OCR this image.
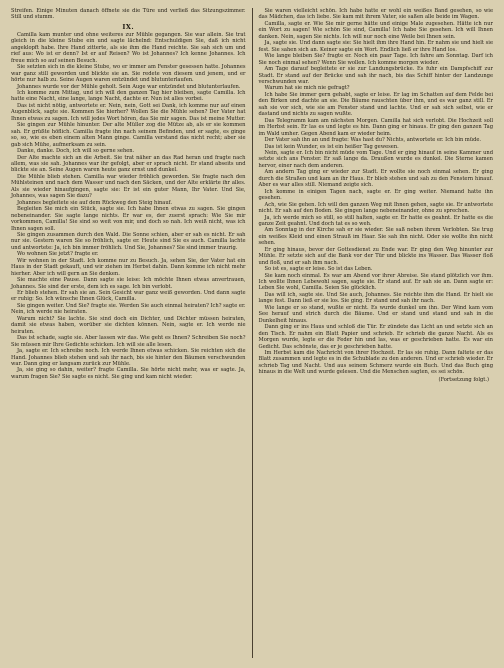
Streifen. Einige Minuten danach öffnete sie die Türe und verließ das Sitzungszimmer. Still und stumm.

IX.

Camilla kam munter und ohne weiteres zur Mühle gegangen. Sie war allein. Sie trat gleich in die kleine Stube ein und sagte lächelnd: Entschuldigen Sie, daß ich nicht angeklopft habe. Ihre Hand zitterte, als sie ihm die Hand reichte. Sie sah sich um und rief aus: Wo ist er denn? Ist er auf Reisen? Wo ist Johannes? Ich kenne Johannes. Ich freue mich so auf seinen Besuch.

Sie setzten sich in die kleine Stube, wo er immer am Fenster gesessen hatte. Johannes war ganz still geworden und blickte sie an. Sie redete von diesem und jenem, und er hörte nur halb zu. Seine Augen waren entzündet und blutunterlaufen.

Johannes wurde vor der Mühle geholt. Sein Auge war entzündet und blutunterlaufen.

Ich komme zum Mittag, und ich will den ganzen Tag hier bleiben, sagte Camilla. Ich hatte eine Nacht, eine lange, lange Nacht, dachte er. Nun ist alles vorbei.

Das ist nicht nötig, antwortete er. Nein, nein, Gott sei Dank, ich komme nur auf einen Augenblick, sagte sie. Kommen Sie hierher? Wollen Sie die Mühle sehen? Der Vater hat Ihnen etwas zu sagen. Ich will jedes Wort hören, das Sie mir sagen. Das ist meine Mutter.

Sie gingen zur Mühle hinunter. Der alte Müller zog die Mütze ab, als er sie kommen sah. Er grüßte höflich. Camilla fragte ihn nach seinem Befinden, und er sagte, es ginge so, so, wie es eben einem alten Mann ginge. Camilla verstand das nicht recht; aber sie gab sich Mühe, aufmerksam zu sein.

Danke, danke. Doch, ich will so gerne sehen.

Der Alte machte sich an die Arbeit. Sie trat näher an das Rad heran und fragte nach allem, was sie sah. Johannes war ihr gefolgt, aber er sprach nicht. Er stand abseits und blickte sie an. Seine Augen waren heute ganz ernst und dunkel.

Die Mühle blieb stehen. Camilla war wieder fröhlich geworden. Sie fragte nach den Mühlsteinen und nach dem Wasser und nach den Säcken, und der Alte erklärte ihr alles. Als sie wieder hinaufgingen, sagte sie: Er ist ein guter Mann, Ihr Vater. Und Sie, Johannes, was sagen Sie dazu?

Johannes begleitete sie auf dem Rückweg den Steig hinauf.

Begleiten Sie mich ein Stück, sagte sie. Ich habe Ihnen etwas zu sagen. Sie gingen nebeneinander. Sie sagte lange nichts. Er war es, der zuerst sprach: Wie Sie mir vorkommen, Camilla! Sie sind so weit von mir, und doch so nah. Ich weiß nicht, was ich Ihnen sagen soll.

Sie gingen zusammen durch den Wald. Die Sonne schien, aber er sah es nicht. Er sah nur sie. Gestern waren Sie so fröhlich, sagte er. Heute sind Sie es auch. Camilla lachte und antwortete: Ja, ich bin immer fröhlich. Und Sie, Johannes? Sie sind immer traurig.

Wo wohnen Sie jetzt? fragte er.

Wir wohnen in der Stadt. Ich komme nur zu Besuch. Ja, sehen Sie, der Vater hat ein Haus in der Stadt gekauft, und wir ziehen im Herbst dahin. Dann komme ich nicht mehr hierher. Aber ich will gern an Sie denken.

Sie machte eine Pause. Dann sagte sie leise: Ich möchte Ihnen etwas anvertrauen, Johannes. Sie sind der erste, dem ich es sage. Ich bin verlobt.

Er blieb stehen. Er sah sie an. Sein Gesicht war ganz weiß geworden. Und dann sagte er ruhig: So. Ich wünsche Ihnen Glück, Camilla.

Sie gingen weiter. Und Sie? fragte sie. Werden Sie auch einmal heiraten? Ich? sagte er. Nein, ich werde nie heiraten.

Warum nicht? Sie lachte. Sie sind doch ein Dichter, und Dichter müssen heiraten, damit sie etwas haben, worüber sie dichten können. Nein, sagte er. Ich werde nie heiraten.

Das ist schade, sagte sie. Aber lassen wir das. Wie geht es Ihnen? Schreiben Sie noch? Sie müssen mir Ihre Gedichte schicken. Ich will sie alle lesen.

Ja, sagte er. Ich schreibe noch. Ich werde Ihnen etwas schicken. Sie reichten sich die Hand. Johannes blieb stehen und sah ihr nach, bis sie hinter den Bäumen verschwunden war. Dann ging er langsam zurück zur Mühle.

Ja, sie ging so dahin, weiter? fragte Camilla. Sie hörte nicht mehr, was er sagte. Ja, warum fragen Sie? Sie sagte es nicht. Sie ging und kam nicht wieder.

Sie waren vielleicht schön. Ich habe hatte er wohl ein weißes Band gesehen, so wie das Mädchen, das ich liebe. Sie kam mit ihrem Vater, sie saßen alle beide im Wagen.

Camilla, sagte er. Wie Sie mir gerne hätte und einige Male zugesehen. Hätte ich nur ein Wort zu sagen! Wie schön Sie sind, Camilla! Ich habe Sie gesehen. Ich will Ihnen danken. Nein, sagen Sie nichts. Ich will nur noch eine Weile bei Ihnen sein.

Ja, sagte sie. Und dann sagte sie: Sie hielt ihm ihre Hand hin. Er nahm sie und hielt sie fest. Sie sahen sich an. Keiner sagte ein Wort. Endlich ließ er ihre Hand los.

Wie lange bleiben Sie? fragte er. Noch ein paar Tage. Ich fahre am Sonntag. Darf ich Sie noch einmal sehen? Wenn Sie wollen. Ich komme morgen wieder.

Am Tage darauf begleitete er sie zur Landungsbrücke. Es fuhr ein Dampfschiff zur Stadt. Er stand auf der Brücke und sah ihr nach, bis das Schiff hinter der Landzunge verschwunden war.

Warum hat sie mich nie gefragt?

Ich habe Sie immer gern gehabt, sagte er leise. Er lag im Schatten auf dem Felde bei den Birken und dachte an sie. Die Bäume rauschten über ihm, und es war ganz still. Er sah sie vor sich, wie sie am Fenster stand und lachte. Und er sah sich selbst, wie er dastand und nichts zu sagen wußte.

Das Telegramm kam am nächsten Morgen. Camilla hat sich verlobt. Die Hochzeit soll im Herbst sein. Er las es und legte es hin. Dann ging er hinaus. Er ging den ganzen Tag im Wald umher. Gegen Abend kam er wieder heim.

Der Vater sah ihn an und fragte: Was hast du? Nichts, antwortete er. Ich bin müde.

Das ist kein Wunder, es ist ein heißer Tag gewesen.

Nein, sagte er. Ich bin nicht müde vom Tage. Und er ging hinauf in seine Kammer und setzte sich ans Fenster. Er saß lange da. Draußen wurde es dunkel. Die Sterne kamen hervor, einer nach dem anderen.

Am andern Tag ging er wieder zur Stadt. Er wollte sie noch einmal sehen. Er ging durch die Straßen und kam an ihr Haus. Er blieb stehen und sah zu den Fenstern hinauf. Aber es war alles still. Niemand zeigte sich.

Ich komme in einigen Tagen nach, sagte er. Er ging weiter. Niemand hatte ihn gesehen.

Ach, wie Sie gehen. Ich will den ganzen Weg mit Ihnen gehen, sagte sie. Er antwortete nicht. Er sah auf den Boden. Sie gingen lange nebeneinander, ohne zu sprechen.

Ja, ich werde mich so still, so still halten, sagte er. Er hatte es geahnt. Er hatte es die ganze Zeit geahnt. Und doch tat es so weh.

Am Sonntag in der Kirche sah er sie wieder. Sie saß neben ihrem Verlobten. Sie trug ein weißes Kleid und einen Strauß im Haar. Sie sah ihn nicht. Oder sie wollte ihn nicht sehen.

Er ging hinaus, bevor der Gottesdienst zu Ende war. Er ging den Weg hinunter zur Mühle. Er setzte sich auf die Bank vor der Tür und blickte ins Wasser. Das Wasser floß und floß, und er sah ihm nach.

So ist es, sagte er leise. So ist das Leben.

Sie kam noch einmal. Es war am Abend vor ihrer Abreise. Sie stand plötzlich vor ihm. Ich wollte Ihnen Lebewohl sagen, sagte sie. Er stand auf. Er sah sie an. Dann sagte er: Leben Sie wohl, Camilla. Seien Sie glücklich.

Das will ich, sagte sie. Und Sie auch, Johannes. Sie reichte ihm die Hand. Er hielt sie lange fest. Dann ließ er sie los. Sie ging. Er stand und sah ihr nach.

Wie lange er so stand, wußte er nicht. Es wurde dunkel um ihn. Der Wind kam vom See herauf und strich durch die Bäume. Und er stand und stand und sah in die Dunkelheit hinaus.

Dann ging er ins Haus und schloß die Tür. Er zündete das Licht an und setzte sich an den Tisch. Er nahm ein Blatt Papier und schrieb. Er schrieb die ganze Nacht. Als es Morgen wurde, legte er die Feder hin und las, was er geschrieben hatte. Es war ein Gedicht. Das schönste, das er je geschrieben hatte.

Im Herbst kam die Nachricht von ihrer Hochzeit. Er las sie ruhig. Dann faltete er das Blatt zusammen und legte es in die Schublade zu den anderen. Und er schrieb wieder. Er schrieb Tag und Nacht. Und aus seinem Schmerz wurde ein Buch. Und das Buch ging hinaus in die Welt und wurde gelesen. Und die Menschen sagten, es sei schön.

(Fortsetzung folgt.)
